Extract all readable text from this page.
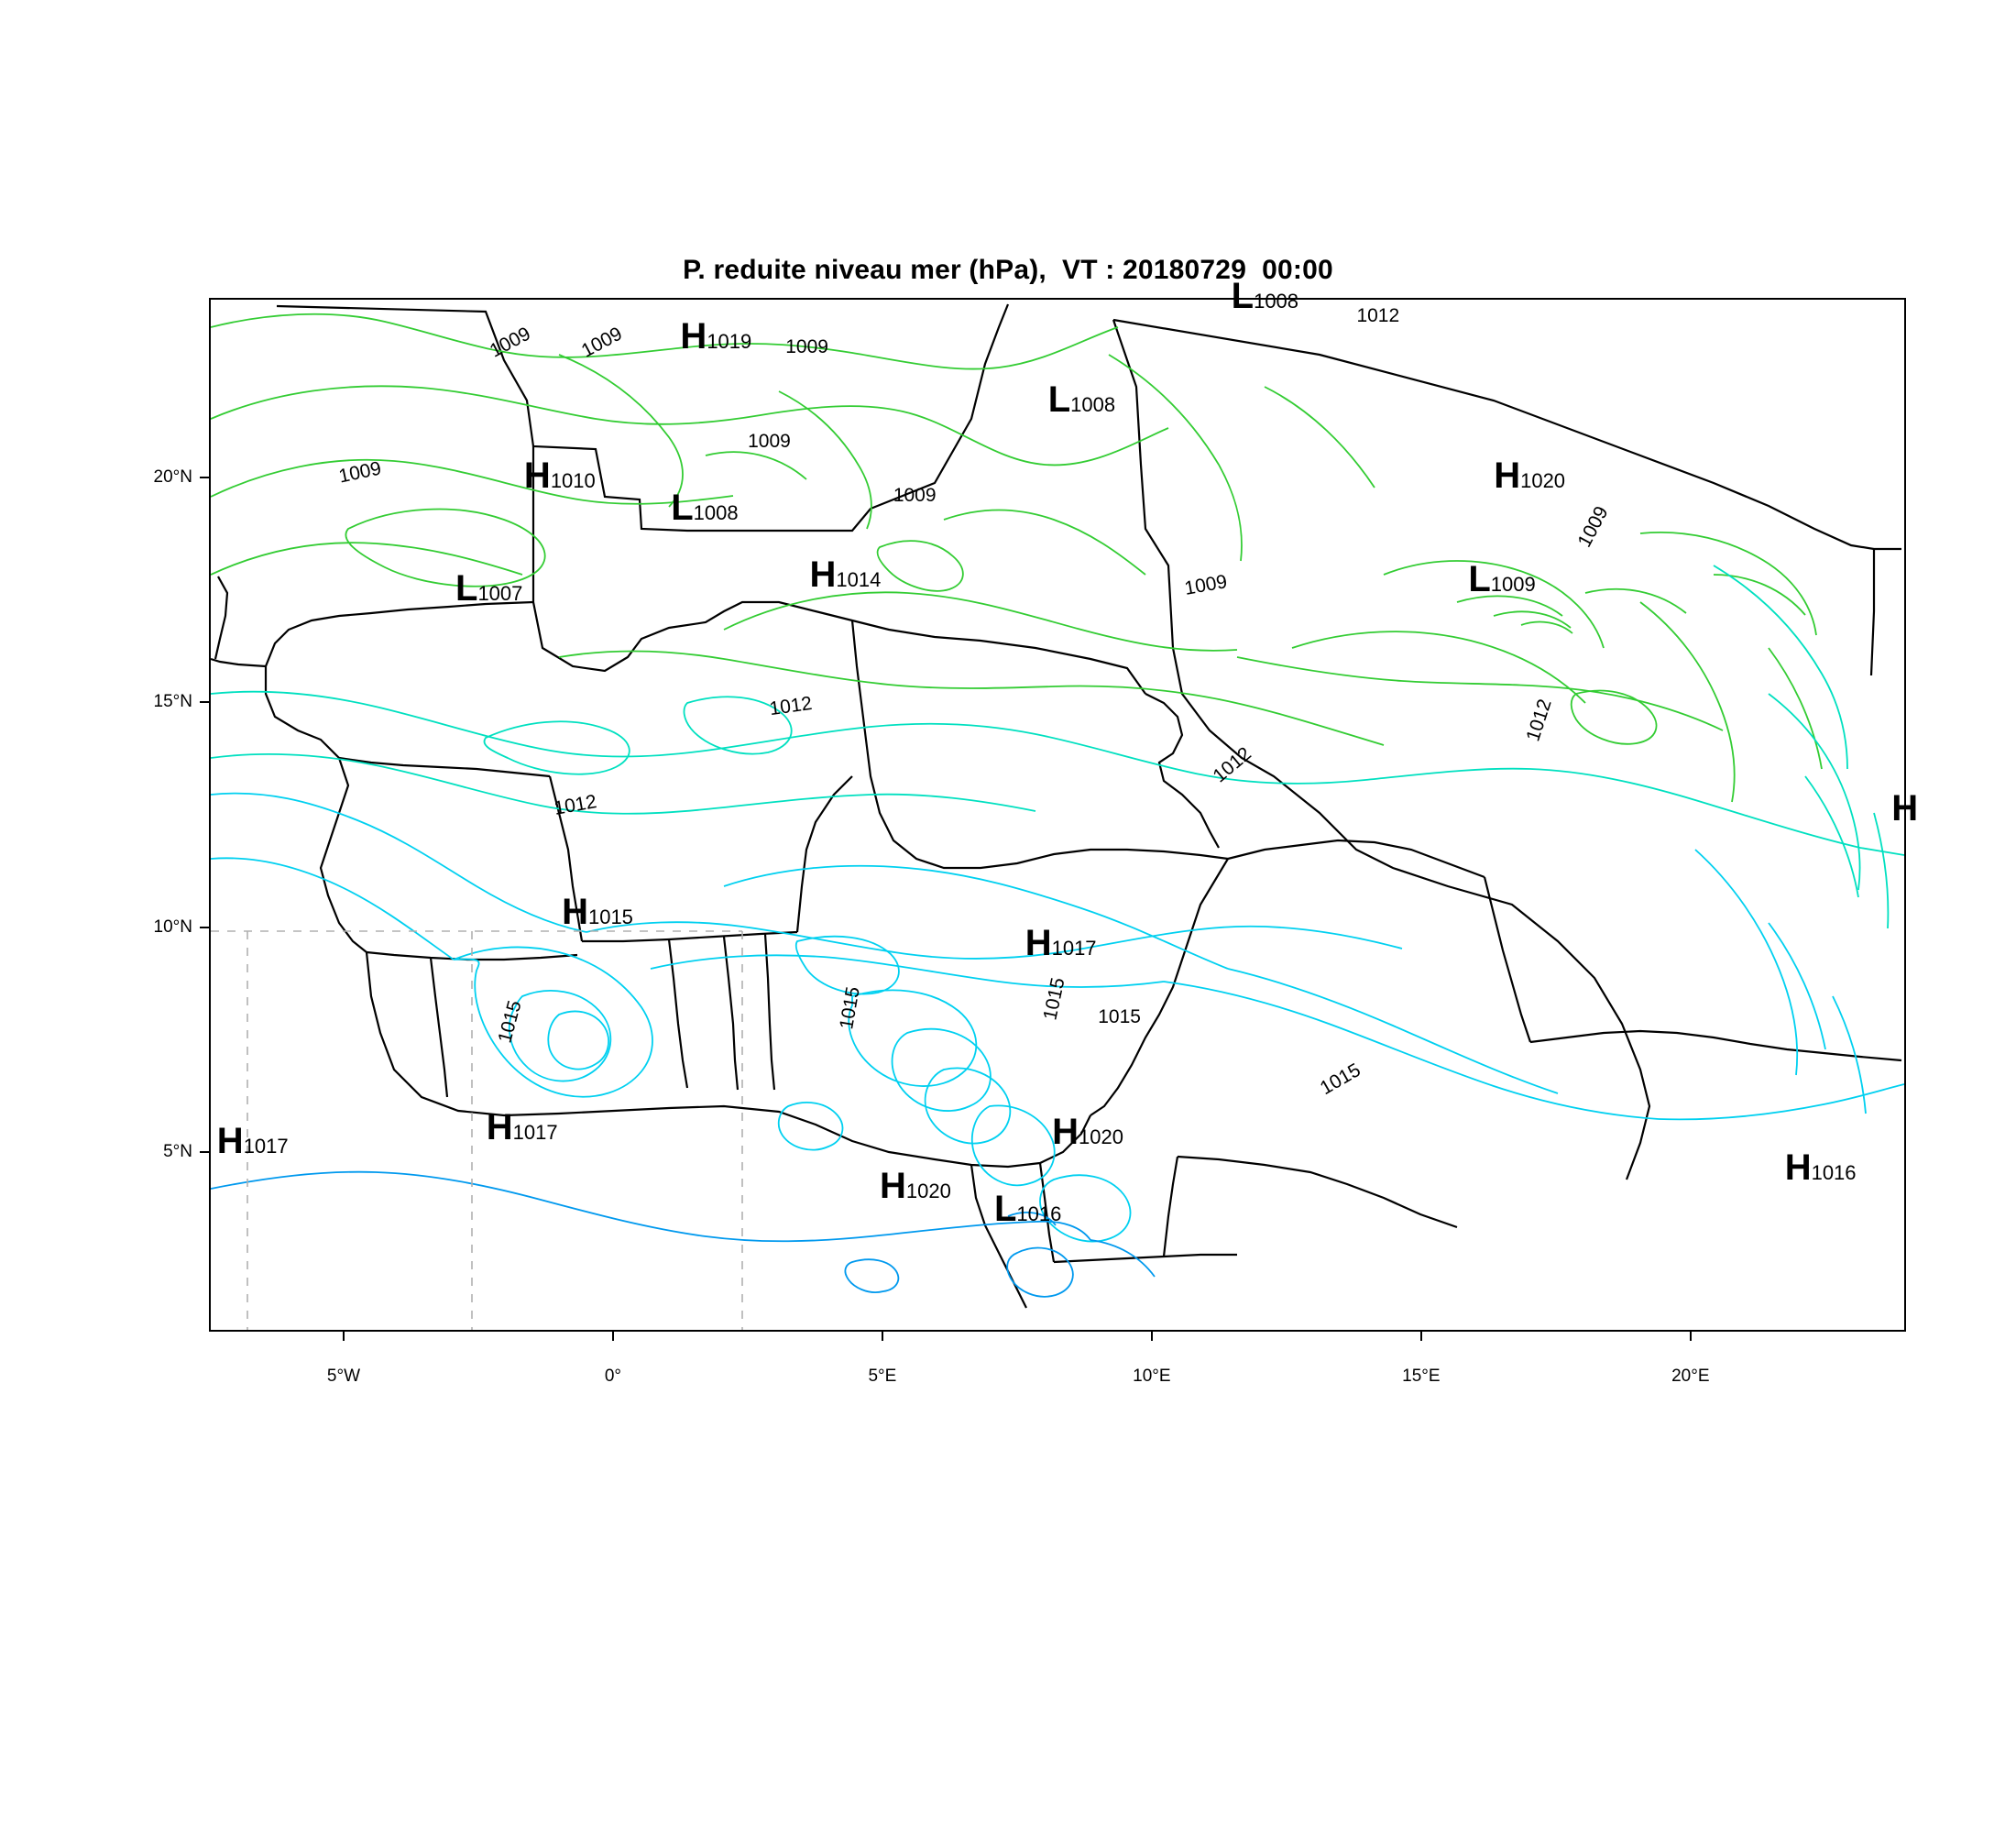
P. reduite niveau mer (hPa),  VT : 20180729  00:00
5°W	0°	5°E	10°E	15°E	20°E
5°N
10°N
15°N
20°N
1009 1009	1009
1012
1009
1009
1009
1009
1009
1012
1012
1012
1012
1015	1015	1015 1015
1015
L1008
H1019
L1008
H1020
H1010
L1008
L1007	H1014	L1009
H
H1015
H1017
H1017	H1017	H1020
H1020 L1016
H1016
